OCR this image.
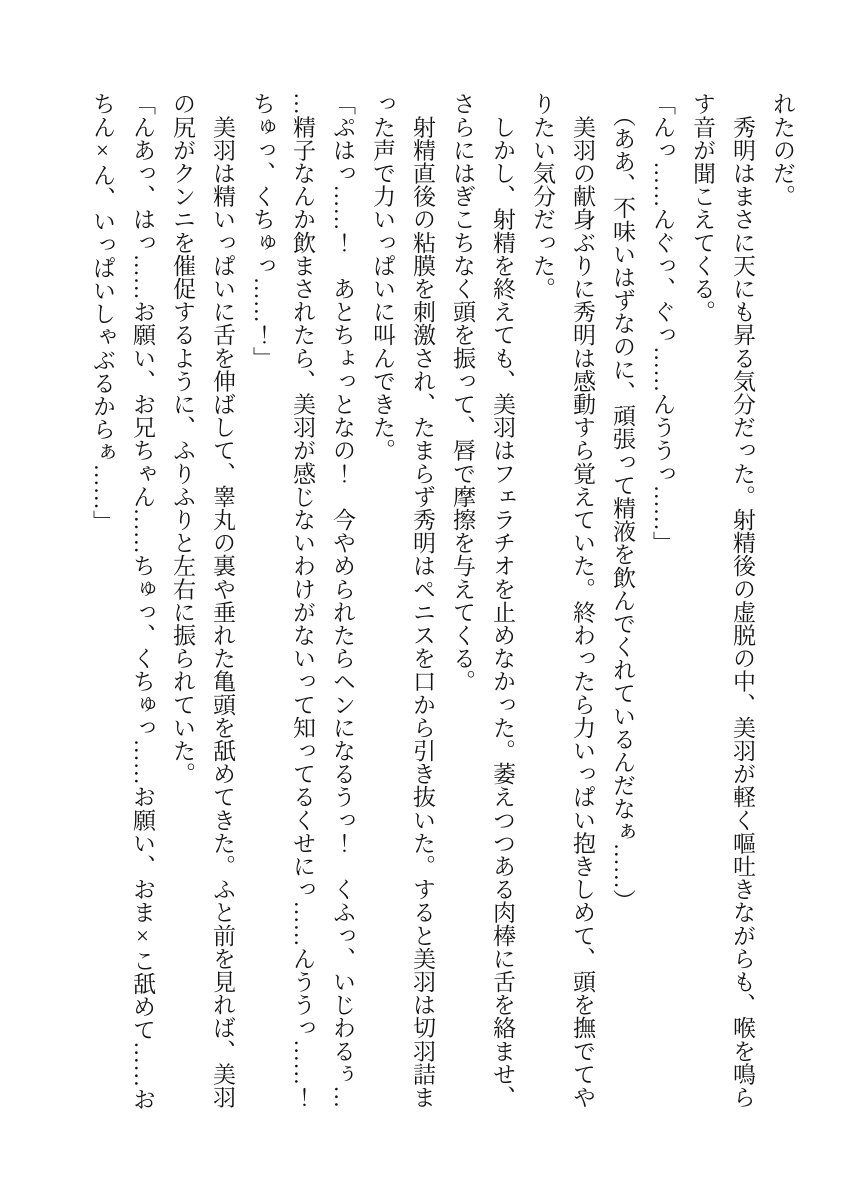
れたのだ。

　秀明はまさに天にも昇る気分だった。射精後の虚脱の中、美羽が軽く嘔吐きながらも、喉を鳴ら

す音が聞こえてくる。

「んっ……んぐっ、ぐっ……んううっ……」

　（ああ、不味いはずなのに、頑張って精液を飲んでくれているんだなぁ……）

　美羽の献身ぶりに秀明は感動すら覚えていた。終わったら力いっぱい抱きしめて、頭を撫でてや

りたい気分だった。

　しかし、射精を終えても、美羽はフェラチオを止めなかった。萎えつつある肉棒に舌を絡ませ、

さらにはぎこちなく頭を振って、唇で摩擦を与えてくる。

　射精直後の粘膜を刺激され、たまらず秀明はペニスを口から引き抜いた。すると美羽は切羽詰ま

った声で力いっぱいに叫んできた。

「ぷはっ……！　あとちょっとなの！　今やめられたらヘンになるうっ！　くふっ、いじわるぅ…

…精子なんか飲まされたら、美羽が感じないわけがないって知ってるくせにっ……んううっ……！

ちゅっ、くちゅっ……！」

　美羽は精いっぱいに舌を伸ばして、睾丸の裏や垂れた亀頭を舐めてきた。ふと前を見れば、美羽

の尻がクンニを催促するように、ふりふりと左右に振られていた。

「んあっ、はっ……お願い、お兄ちゃん……ちゅっ、くちゅっ……お願い、おま×こ舐めて……お

ちん×ん、いっぱいしゃぶるからぁ……」
